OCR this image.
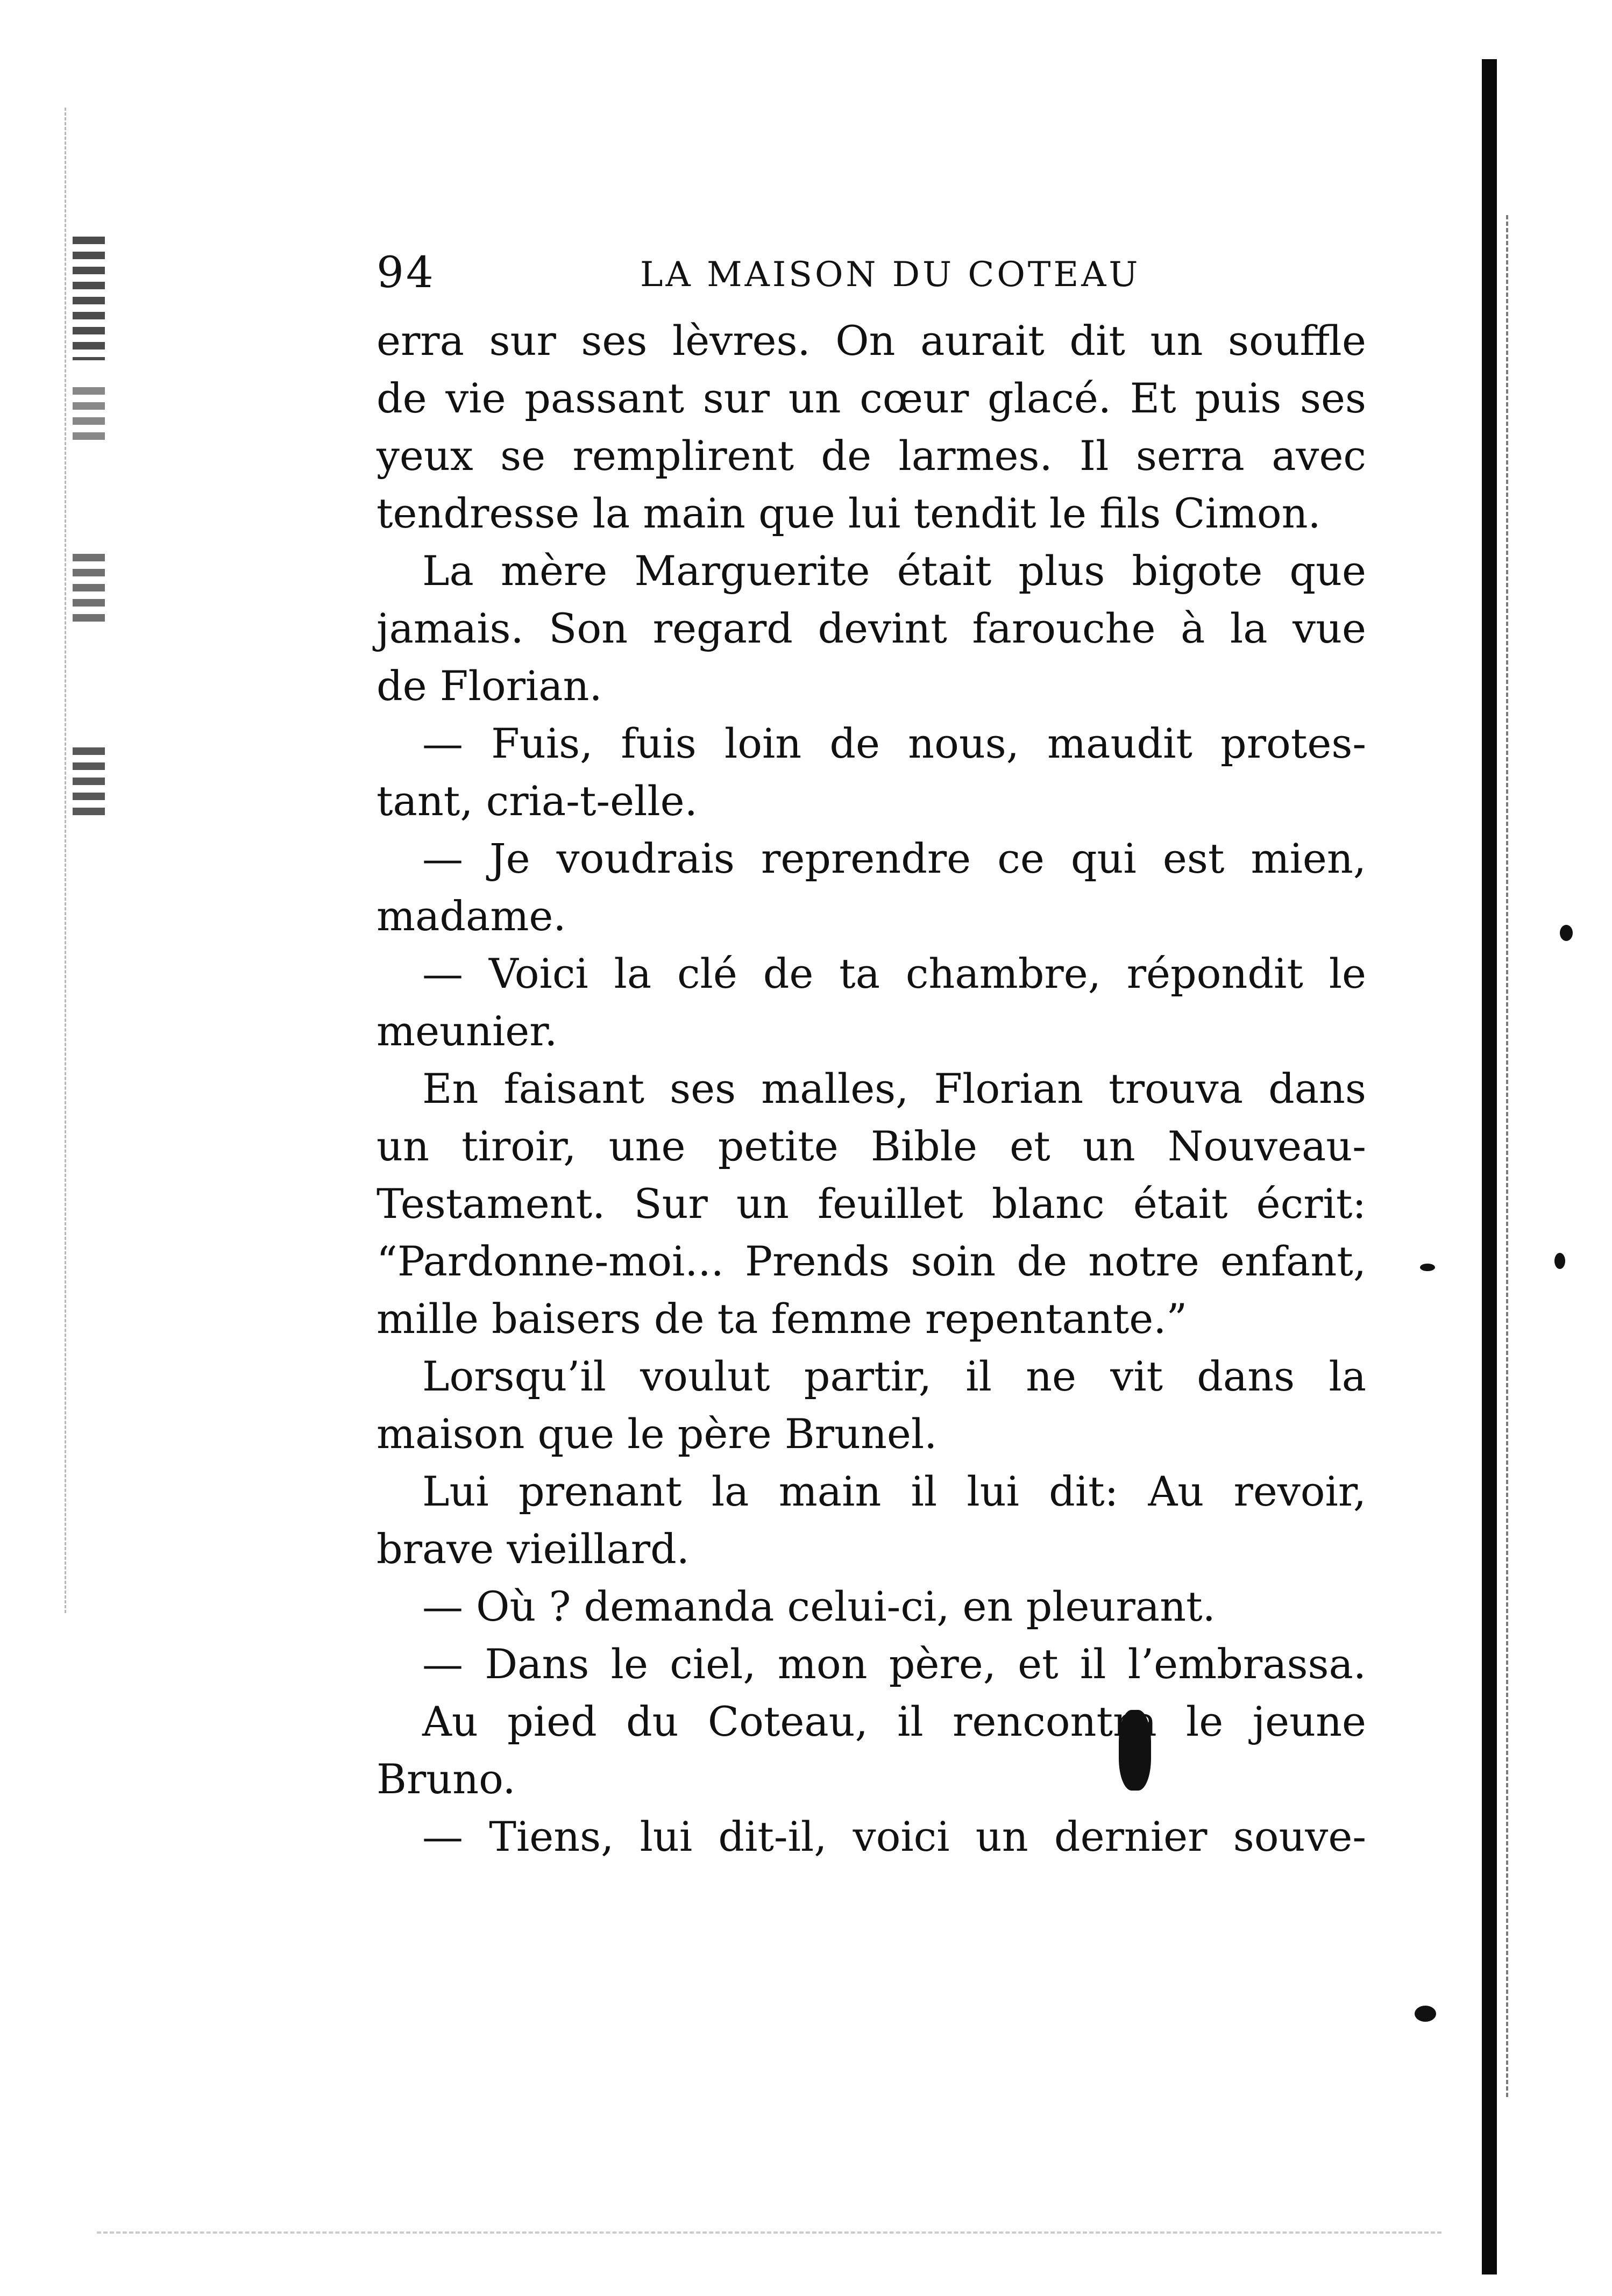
94	LA MAISON DU COTEAU
erra sur ses lèvres. On aurait dit un souffle
de vie passant sur un cœur glacé. Et puis ses
yeux se remplirent de larmes. Il serra avec
tendresse la main que lui tendit le fils Cimon.
La mère Marguerite était plus bigote que
jamais. Son regard devint farouche à la vue
de Florian.
— Fuis, fuis loin de nous, maudit protes-
tant, cria-t-elle.
— Je voudrais reprendre ce qui est mien,
madame.
— Voici la clé de ta chambre, répondit le
meunier.
En faisant ses malles, Florian trouva dans
un tiroir, une petite Bible et un Nouveau-
Testament. Sur un feuillet blanc était écrit:
“Pardonne-moi... Prends soin de notre enfant,
mille baisers de ta femme repentante.”
Lorsqu’il voulut partir, il ne vit dans la
maison que le père Brunel.
Lui prenant la main il lui dit: Au revoir,
brave vieillard.
— Où ? demanda celui-ci, en pleurant.
— Dans le ciel, mon père, et il l’embrassa.
Au pied du Coteau, il rencontra le jeune
Bruno.
— Tiens, lui dit-il, voici un dernier souve-
